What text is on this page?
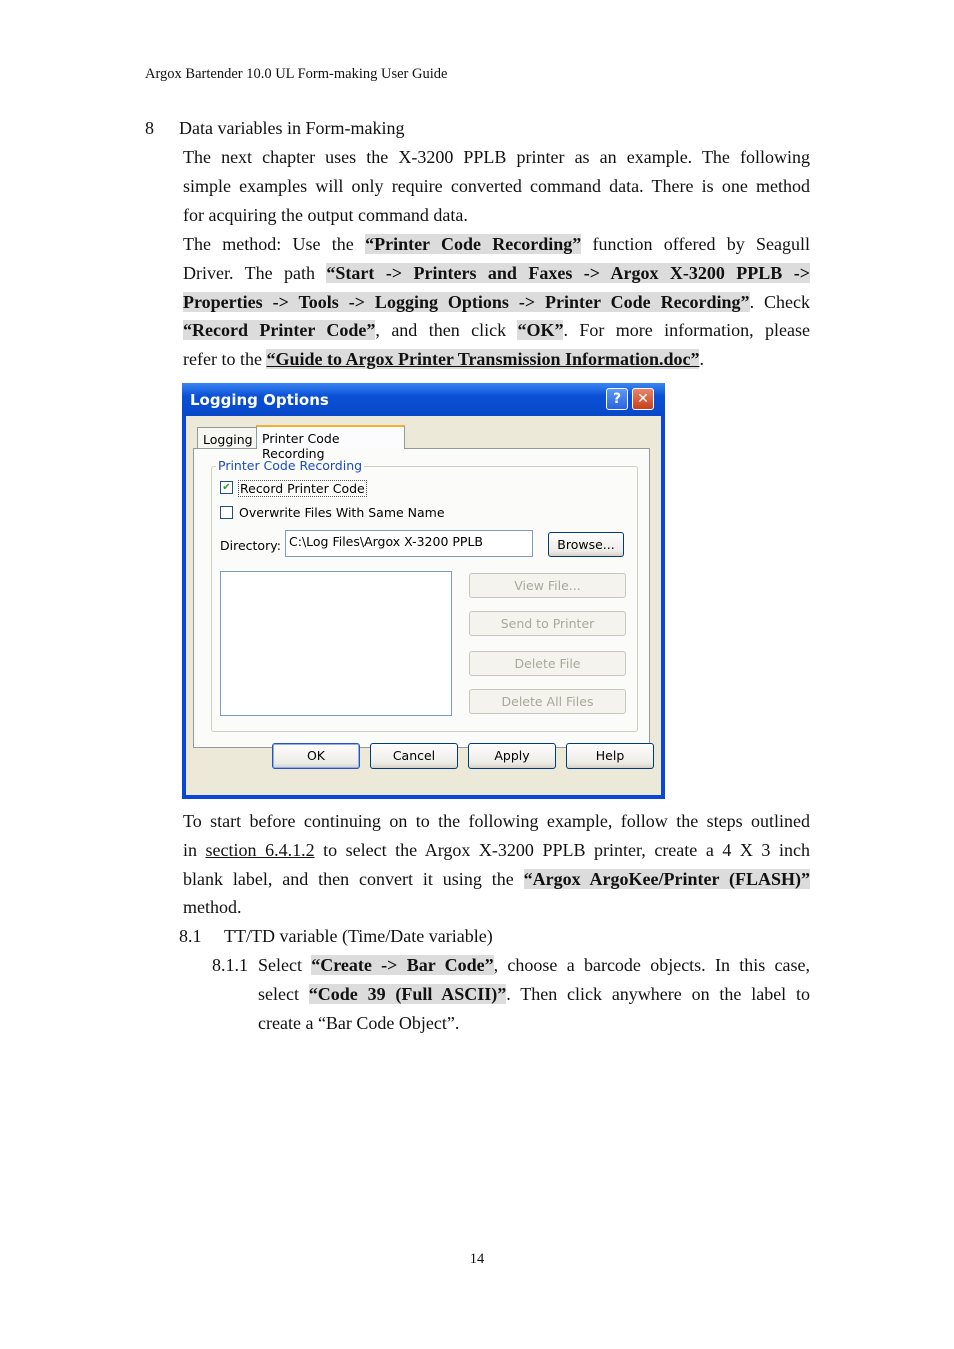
Argox Bartender 10.0 UL Form-making User Guide
8 Data variables in Form-making
The next chapter uses the X-3200 PPLB printer as an example. The following
simple examples will only require converted command data. There is one method
for acquiring the output command data.
The method: Use the “Printer Code Recording” function offered by Seagull
Driver. The path “Start -> Printers and Faxes -> Argox X-3200 PPLB ->
Properties -> Tools -> Logging Options -> Printer Code Recording”. Check
“Record Printer Code”, and then click “OK”. For more information, please
refer to the “Guide to Argox Printer Transmission Information.doc”.
Logging Options	?	✕
Logging Printer Code Recording
Printer Code Recording
✔ Record Printer Code
Overwrite Files With Same Name
Directory: C:\Log Files\Argox X-3200 PPLB	Browse...
View File...
Send to Printer
Delete File
Delete All Files
OK	Cancel	Apply	Help
To start before continuing on to the following example, follow the steps outlined
in section 6.4.1.2 to select the Argox X-3200 PPLB printer, create a 4 X 3 inch
blank label, and then convert it using the “Argox ArgoKee/Printer (FLASH)”
method.
8.1 TT/TD variable (Time/Date variable)
8.1.1 Select “Create -> Bar Code”, choose a barcode objects. In this case,
select “Code 39 (Full ASCII)”. Then click anywhere on the label to
create a “Bar Code Object”.
14
